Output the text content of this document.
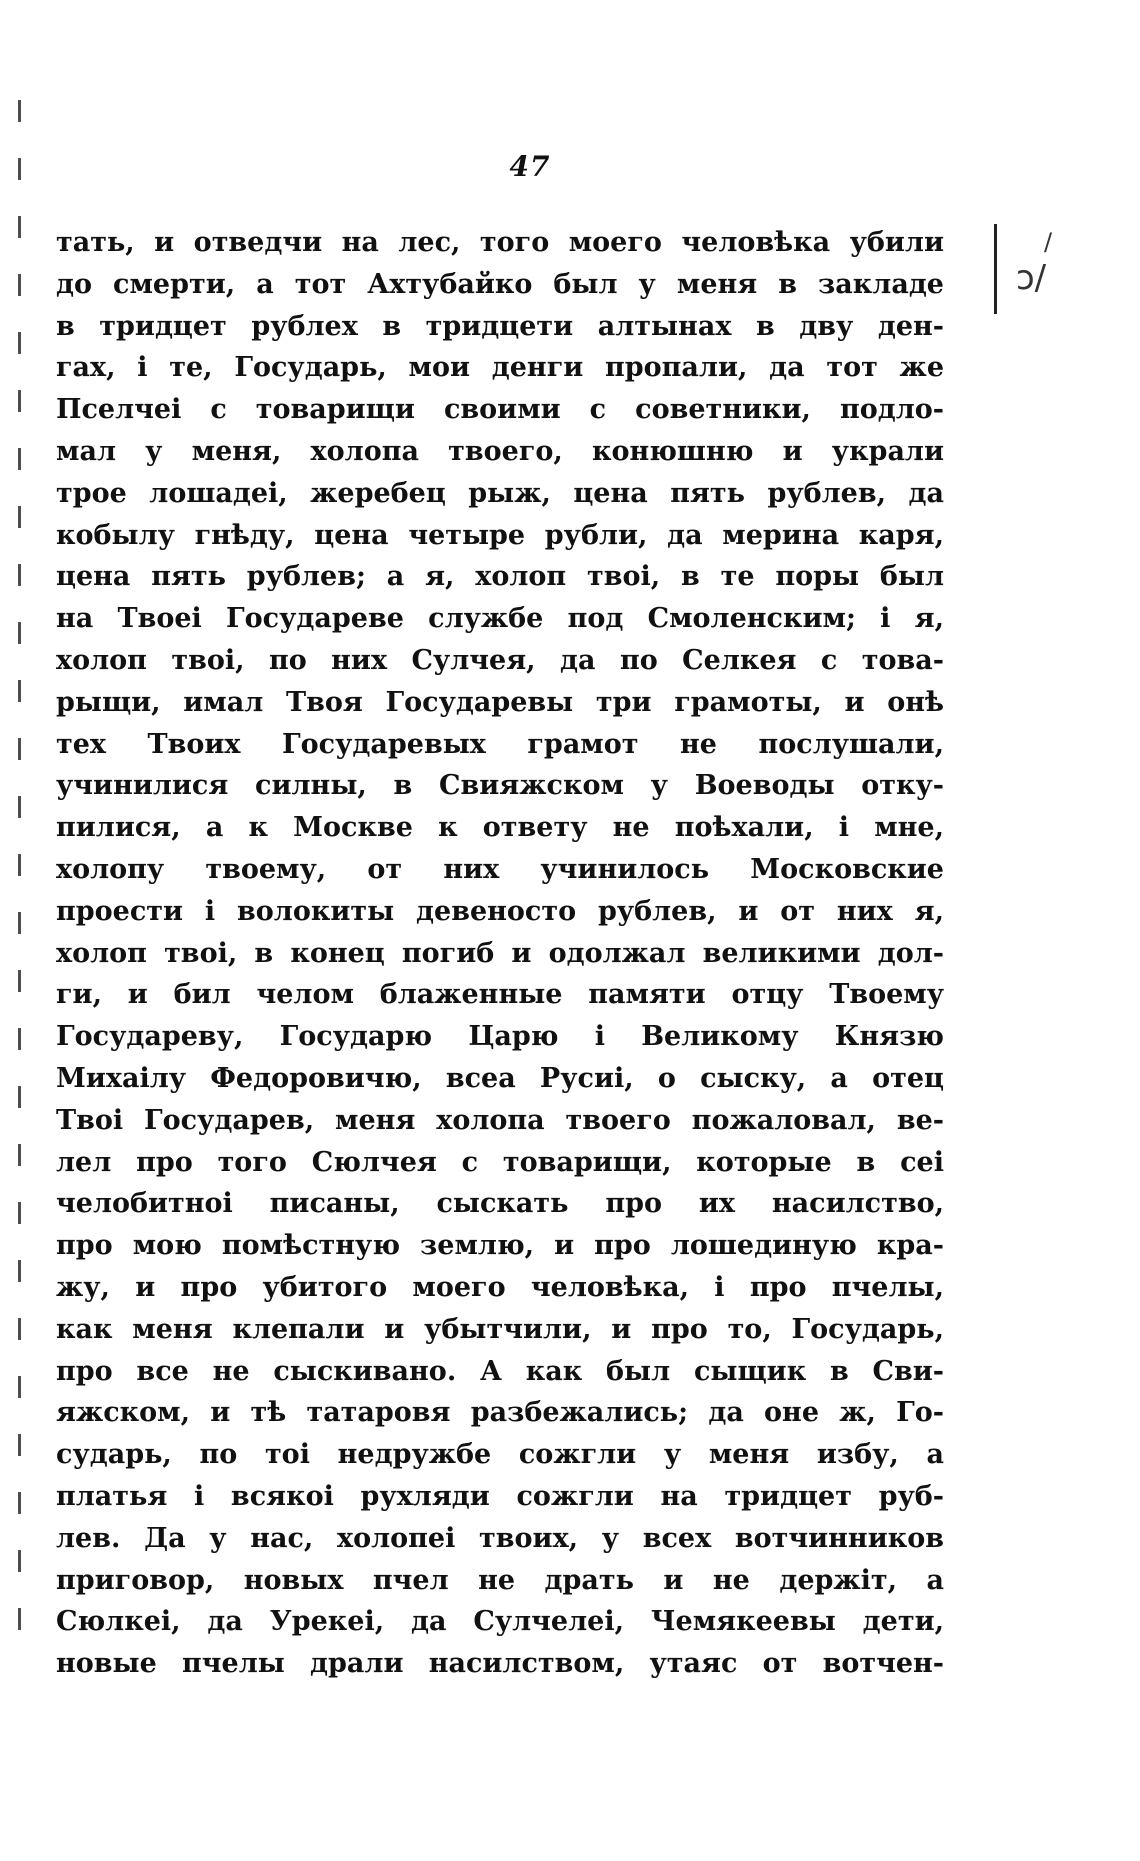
ɔ/
/
47
тать, и отведчи на лес, того моего человѣка убили
до смерти, а тот Ахтубайко был у меня в закладе
в тридцет рублех в тридцети алтынах в дву ден-
гах, і те, Государь, мои денги пропали, да тот же
Пселчеі с товарищи своими с советники, подло-
мал у меня, холопа твоего, конюшню и украли
трое лошадеі, жеребец рыж, цена пять рублев, да
кобылу гнѣду, цена четыре рубли, да мерина каря,
цена пять рублев; а я, холоп твоі, в те поры был
на Твоеі Государеве службе под Смоленским; і я,
холоп твоі, по них Сулчея, да по Селкея с това-
рыщи, имал Твоя Государевы три грамоты, и онѣ
тех Твоих Государевых грамот не послушали,
учинилися силны, в Свияжском у Воеводы отку-
пилися, а к Москве к ответу не поѣхали, і мне,
холопу твоему, от них учинилось Московские
проести і волокиты девеносто рублев, и от них я,
холоп твоі, в конец погиб и одолжал великими дол-
ги, и бил челом блаженные памяти отцу Твоему
Государеву, Государю Царю і Великому Князю
Михаілу Федоровичю, всеа Русиі, о сыску, а отец
Твоі Государев, меня холопа твоего пожаловал, ве-
лел про того Сюлчея с товарищи, которые в сеі
челобитноі писаны, сыскать про их насилство,
про мою помѣстную землю, и про лошединую кра-
жу, и про убитого моего человѣка, і про пчелы,
как меня клепали и убытчили, и про то, Государь,
про все не сыскивано. А как был сыщик в Сви-
яжском, и тѣ татаровя разбежались; да оне ж, Го-
сударь, по тоі недружбе сожгли у меня избу, а
платья і всякоі рухляди сожгли на тридцет руб-
лев. Да у нас, холопеі твоих, у всех вотчинников
приговор, новых пчел не драть и не держіт, а
Сюлкеі, да Урекеі, да Сулчелеі, Чемякеевы дети,
новые пчелы драли насилством, утаяс от вотчен-
